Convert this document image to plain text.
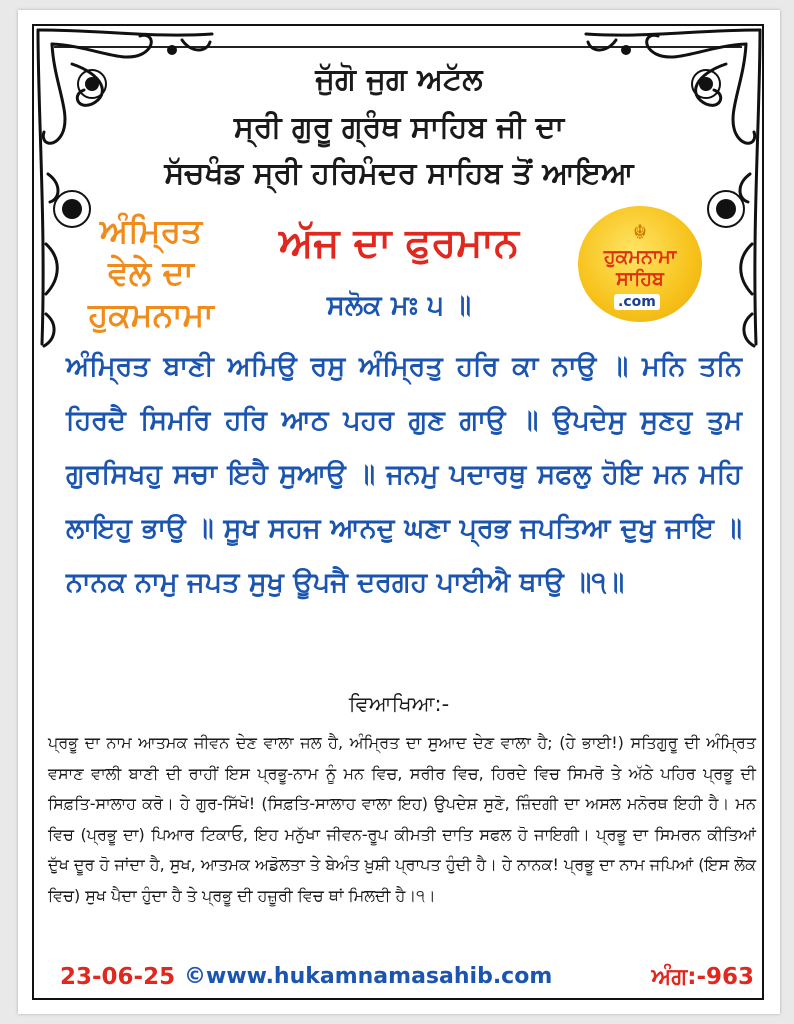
ਜੁੱਗੋ ਜੁਗ ਅਟੱਲ
ਸ੍ਰੀ ਗੁਰੂ ਗ੍ਰੰਥ ਸਾਹਿਬ ਜੀ ਦਾ
ਸੱਚਖੰਡ ਸ੍ਰੀ ਹਰਿਮੰਦਰ ਸਾਹਿਬ ਤੋਂ ਆਇਆ
ਅੰਮ੍ਰਿਤ
ਵੇਲੇ ਦਾ
ਹੁਕਮਨਾਮਾ
ਅੱਜ ਦਾ ਫੁਰਮਾਨ	☬
ਹੁਕਮਨਾਮਾ
ਸਾਹਿਬ
.com
ਸਲੋਕ ਮਃ ੫ ॥
ਅੰਮ੍ਰਿਤ ਬਾਣੀ ਅਮਿਉ ਰਸੁ ਅੰਮ੍ਰਿਤੁ ਹਰਿ ਕਾ ਨਾਉ ॥ ਮਨਿ ਤਨਿ ਹਿਰਦੈ ਸਿਮਰਿ ਹਰਿ ਆਠ ਪਹਰ ਗੁਣ ਗਾਉ ॥ ਉਪਦੇਸੁ ਸੁਣਹੁ ਤੁਮ ਗੁਰਸਿਖਹੁ ਸਚਾ ਇਹੈ ਸੁਆਉ ॥ ਜਨਮੁ ਪਦਾਰਥੁ ਸਫਲੁ ਹੋਇ ਮਨ ਮਹਿ ਲਾਇਹੁ ਭਾਉ ॥ ਸੂਖ ਸਹਜ ਆਨਦੁ ਘਣਾ ਪ੍ਰਭ ਜਪਤਿਆ ਦੁਖੁ ਜਾਇ ॥ ਨਾਨਕ ਨਾਮੁ ਜਪਤ ਸੁਖੁ ਊਪਜੈ ਦਰਗਹ ਪਾਈਐ ਥਾਉ ॥੧॥
ਵਿਆਖਿਆ:-
ਪ੍ਰਭੂ ਦਾ ਨਾਮ ਆਤਮਕ ਜੀਵਨ ਦੇਣ ਵਾਲਾ ਜਲ ਹੈ, ਅੰਮ੍ਰਿਤ ਦਾ ਸੁਆਦ ਦੇਣ ਵਾਲਾ ਹੈ; (ਹੇ ਭਾਈ!) ਸਤਿਗੁਰੂ ਦੀ ਅੰਮ੍ਰਿਤ ਵਸਾਣ ਵਾਲੀ ਬਾਣੀ ਦੀ ਰਾਹੀਂ ਇਸ ਪ੍ਰਭੂ-ਨਾਮ ਨੂੰ ਮਨ ਵਿਚ, ਸਰੀਰ ਵਿਚ, ਹਿਰਦੇ ਵਿਚ ਸਿਮਰੋ ਤੇ ਅੱਠੇ ਪਹਿਰ ਪ੍ਰਭੂ ਦੀ ਸਿਫ਼ਤਿ-ਸਾਲਾਹ ਕਰੋ। ਹੇ ਗੁਰ-ਸਿੱਖੋ! (ਸਿਫ਼ਤਿ-ਸਾਲਾਹ ਵਾਲਾ ਇਹ) ਉਪਦੇਸ਼ ਸੁਣੋ, ਜ਼ਿੰਦਗੀ ਦਾ ਅਸਲ ਮਨੋਰਥ ਇਹੀ ਹੈ। ਮਨ ਵਿਚ (ਪ੍ਰਭੂ ਦਾ) ਪਿਆਰ ਟਿਕਾਓ, ਇਹ ਮਨੁੱਖਾ ਜੀਵਨ-ਰੂਪ ਕੀਮਤੀ ਦਾਤਿ ਸਫਲ ਹੋ ਜਾਇਗੀ। ਪ੍ਰਭੂ ਦਾ ਸਿਮਰਨ ਕੀਤਿਆਂ ਦੁੱਖ ਦੂਰ ਹੋ ਜਾਂਦਾ ਹੈ, ਸੁਖ, ਆਤਮਕ ਅਡੋਲਤਾ ਤੇ ਬੇਅੰਤ ਖ਼ੁਸ਼ੀ ਪ੍ਰਾਪਤ ਹੁੰਦੀ ਹੈ। ਹੇ ਨਾਨਕ! ਪ੍ਰਭੂ ਦਾ ਨਾਮ ਜਪਿਆਂ (ਇਸ ਲੋਕ ਵਿਚ) ਸੁਖ ਪੈਦਾ ਹੁੰਦਾ ਹੈ ਤੇ ਪ੍ਰਭੂ ਦੀ ਹਜ਼ੂਰੀ ਵਿਚ ਥਾਂ ਮਿਲਦੀ ਹੈ।੧।
23-06-25 ©www.hukamnamasahib.com	ਅੰਗ:-963
